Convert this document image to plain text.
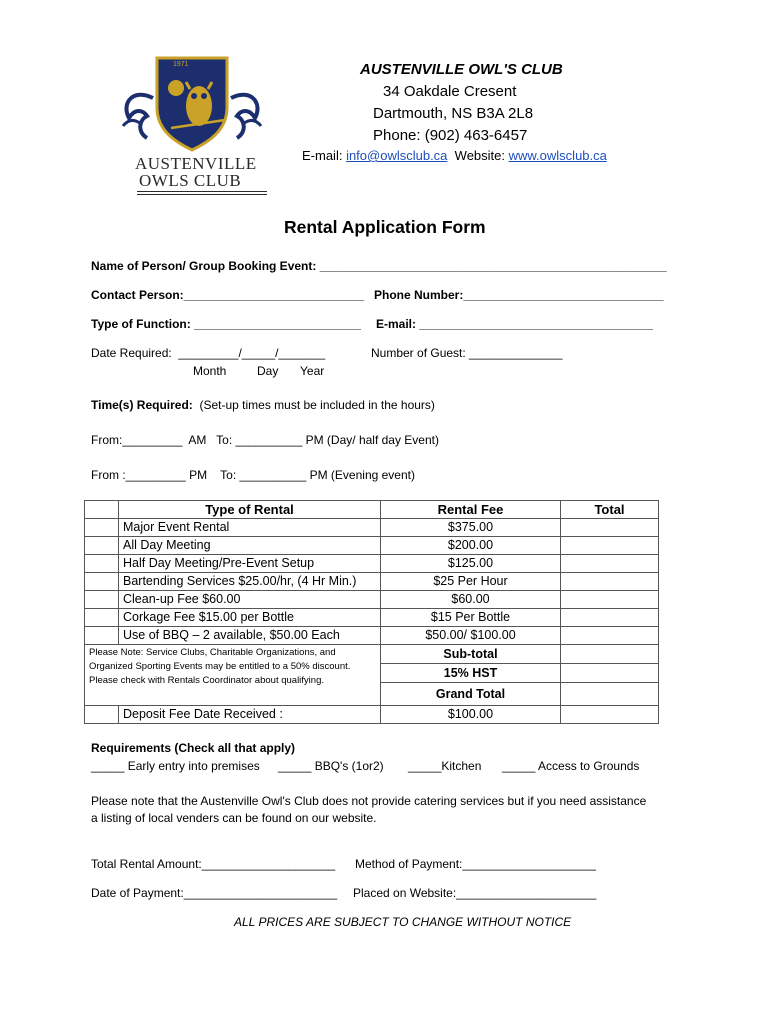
1971
AUSTENVILLE
OWLS CLUB
AUSTENVILLE OWL'S CLUB
34 Oakdale Cresent
Dartmouth, NS B3A 2L8
Phone: (902) 463-6457
E-mail: info@owlsclub.ca Website: www.owlsclub.ca
Rental Application Form
Name of Person/ Group Booking Event: ____________________________________________________
Contact Person:___________________________ Phone Number:______________________________
Type of Function: _________________________ E-mail: ___________________________________
Date Required:  _________/_____/_______	Number of Guest: ______________
Month	Day Year
Time(s) Required: (Set-up times must be included in the hours)
From:_________  AM   To: __________ PM (Day/ half day Event)
From :_________ PM    To: __________ PM (Evening event)
	Type of Rental	Rental Fee	Total
	Major Event Rental	$375.00	
	All Day Meeting	$200.00	
	Half Day Meeting/Pre-Event Setup	$125.00	
	Bartending Services $25.00/hr, (4 Hr Min.)	$25 Per Hour	
	Clean-up Fee $60.00	$60.00	
	Corkage Fee $15.00 per Bottle	$15 Per Bottle	
	Use of BBQ – 2 available, $50.00 Each	$50.00/ $100.00	
Please Note: Service Clubs, Charitable Organizations, and Organized Sporting Events may be entitled to a 50% discount. Please check with Rentals Coordinator about qualifying.		Sub-total	
		15% HST	
		Grand Total	
	Deposit Fee Date Received :	$100.00	
Requirements (Check all that apply)
_____ Early entry into premises _____ BBQ's (1or2) _____Kitchen _____ Access to Grounds
Please note that the Austenville Owl's Club does not provide catering services but if you need assistance
a listing of local venders can be found on our website.
Total Rental Amount:____________________ Method of Payment:____________________
Date of Payment:_______________________ Placed on Website:_____________________
ALL PRICES ARE SUBJECT TO CHANGE WITHOUT NOTICE
